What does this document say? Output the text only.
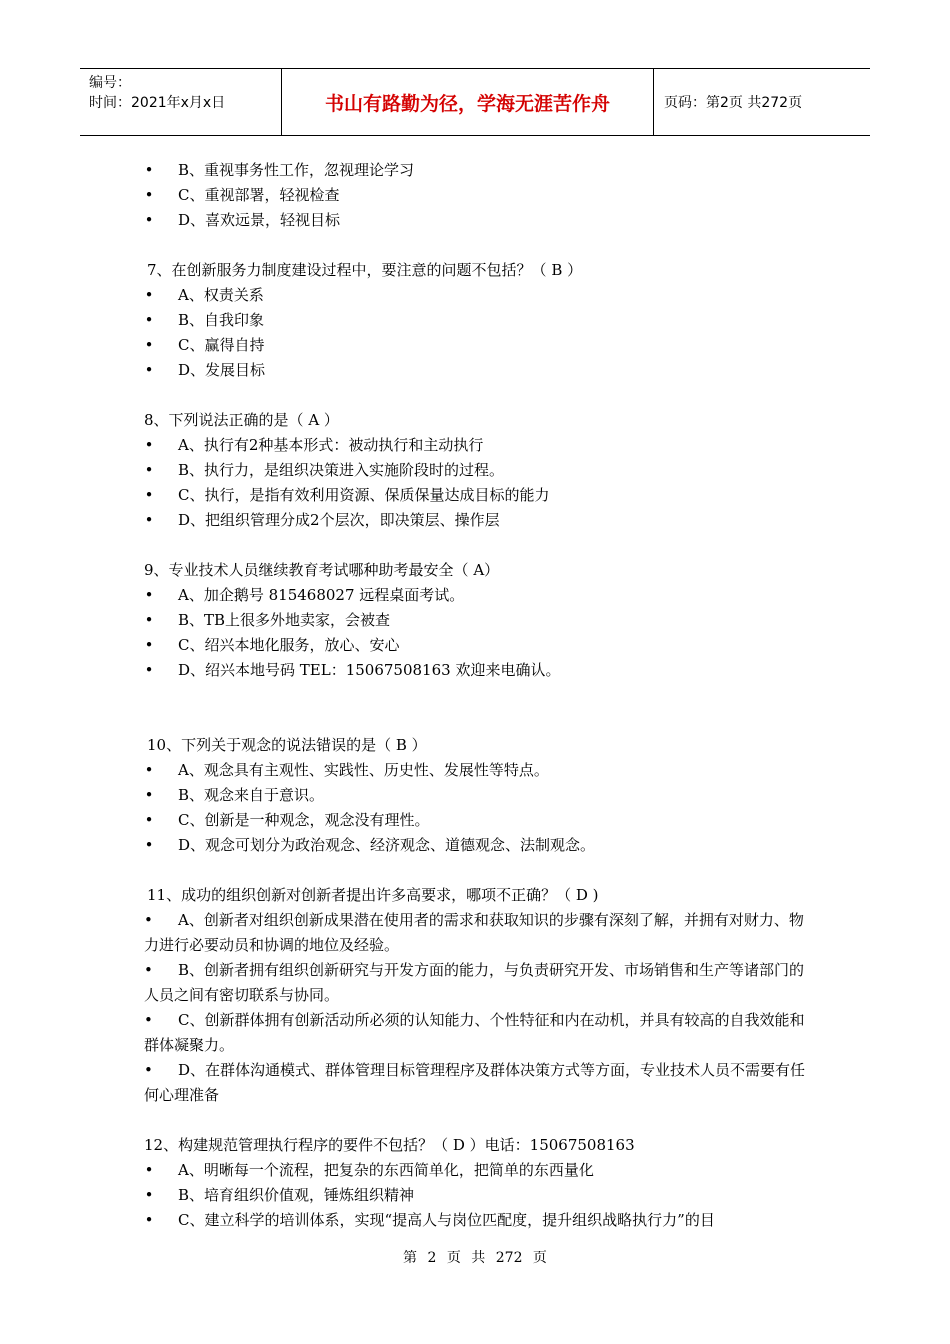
编号：
时间：2021年x月x日	书山有路勤为径，学海无涯苦作舟	页码：第2页 共272页
• B、重视事务性工作，忽视理论学习
• C、重视部署，轻视检查
• D、喜欢远景，轻视目标
7、在创新服务力制度建设过程中，要注意的问题不包括？（ B ）
• A、权责关系
• B、自我印象
• C、赢得自持
• D、发展目标
8、下列说法正确的是（ A ）
• A、执行有2种基本形式：被动执行和主动执行
• B、执行力，是组织决策进入实施阶段时的过程。
• C、执行，是指有效利用资源、保质保量达成目标的能力
• D、把组织管理分成2个层次，即决策层、操作层
9、专业技术人员继续教育考试哪种助考最安全（ A）
• A、加企鹅号 815468027 远程桌面考试。
• B、TB上很多外地卖家，会被查
• C、绍兴本地化服务，放心、安心
• D、绍兴本地号码 TEL：15067508163 欢迎来电确认。
10、下列关于观念的说法错误的是（ B ）
• A、观念具有主观性、实践性、历史性、发展性等特点。
• B、观念来自于意识。
• C、创新是一种观念，观念没有理性。
• D、观念可划分为政治观念、经济观念、道德观念、法制观念。
11、成功的组织创新对创新者提出许多高要求，哪项不正确？（ D )
• A、创新者对组织创新成果潜在使用者的需求和获取知识的步骤有深刻了解，并拥有对财力、物力进行必要动员和协调的地位及经验。
• B、创新者拥有组织创新研究与开发方面的能力，与负责研究开发、市场销售和生产等诸部门的人员之间有密切联系与协同。
• C、创新群体拥有创新活动所必须的认知能力、个性特征和内在动机，并具有较高的自我效能和群体凝聚力。
• D、在群体沟通模式、群体管理目标管理程序及群体决策方式等方面，专业技术人员不需要有任何心理准备
12、构建规范管理执行程序的要件不包括？（ D ）电话：15067508163
• A、明晰每一个流程，把复杂的东西简单化，把简单的东西量化
• B、培育组织价值观，锤炼组织精神
• C、建立科学的培训体系，实现“提高人与岗位匹配度，提升组织战略执行力”的目
第 2 页 共 272 页
